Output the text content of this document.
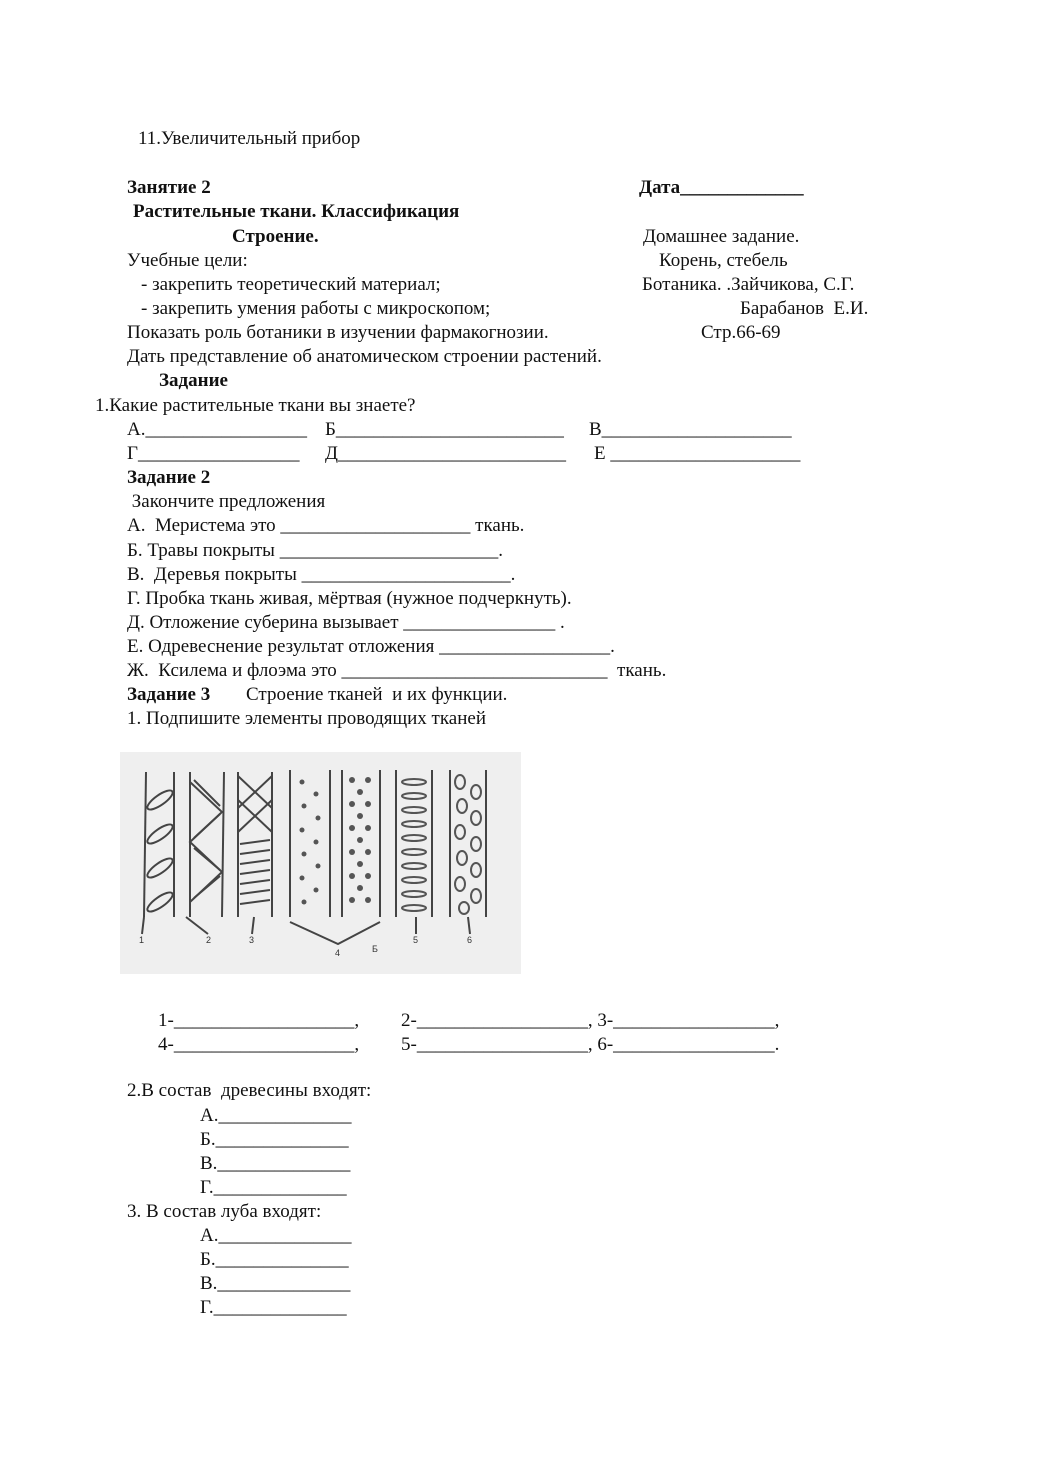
11.Увеличительный прибор
Занятие 2	Дата_____________
Растительные ткани. Классификация
Строение.	Домашнее задание.
Учебные цели:	Корень, стебель
- закрепить теоретический материал;	Ботаника. .Зайчикова, С.Г.
- закрепить умения работы с микроскопом;	Барабанов  Е.И.
Показать роль ботаники в изучении фармакогнозии.	Стр.66-69
Дать представление об анатомическом строении растений.
Задание
1.Какие растительные ткани вы знаете?
А._________________ Б________________________ В____________________
Г_________________ Д________________________ Е ____________________
Задание 2
Закончите предложения
А.  Меристема это ____________________ ткань.
Б. Травы покрыты _______________________.
В.  Деревья покрыты ______________________.
Г. Пробка ткань живая, мёртвая (нужное подчеркнуть).
Д. Отложение суберина вызывает ________________ .
Е. Одревеснение результат отложения __________________.
Ж.  Ксилема и флоэма это ____________________________  ткань.
Задание 3 Строение тканей  и их функции.
1. Подпишите элементы проводящих тканей
1	2	3
4	Б
5	6
1-___________________, 2-__________________, 3-_________________,
4-___________________, 5-__________________, 6-_________________.
2.В состав  древесины входят:
А.______________
Б.______________
В.______________
Г.______________
3. В состав луба входят:
А.______________
Б.______________
В.______________
Г.______________
